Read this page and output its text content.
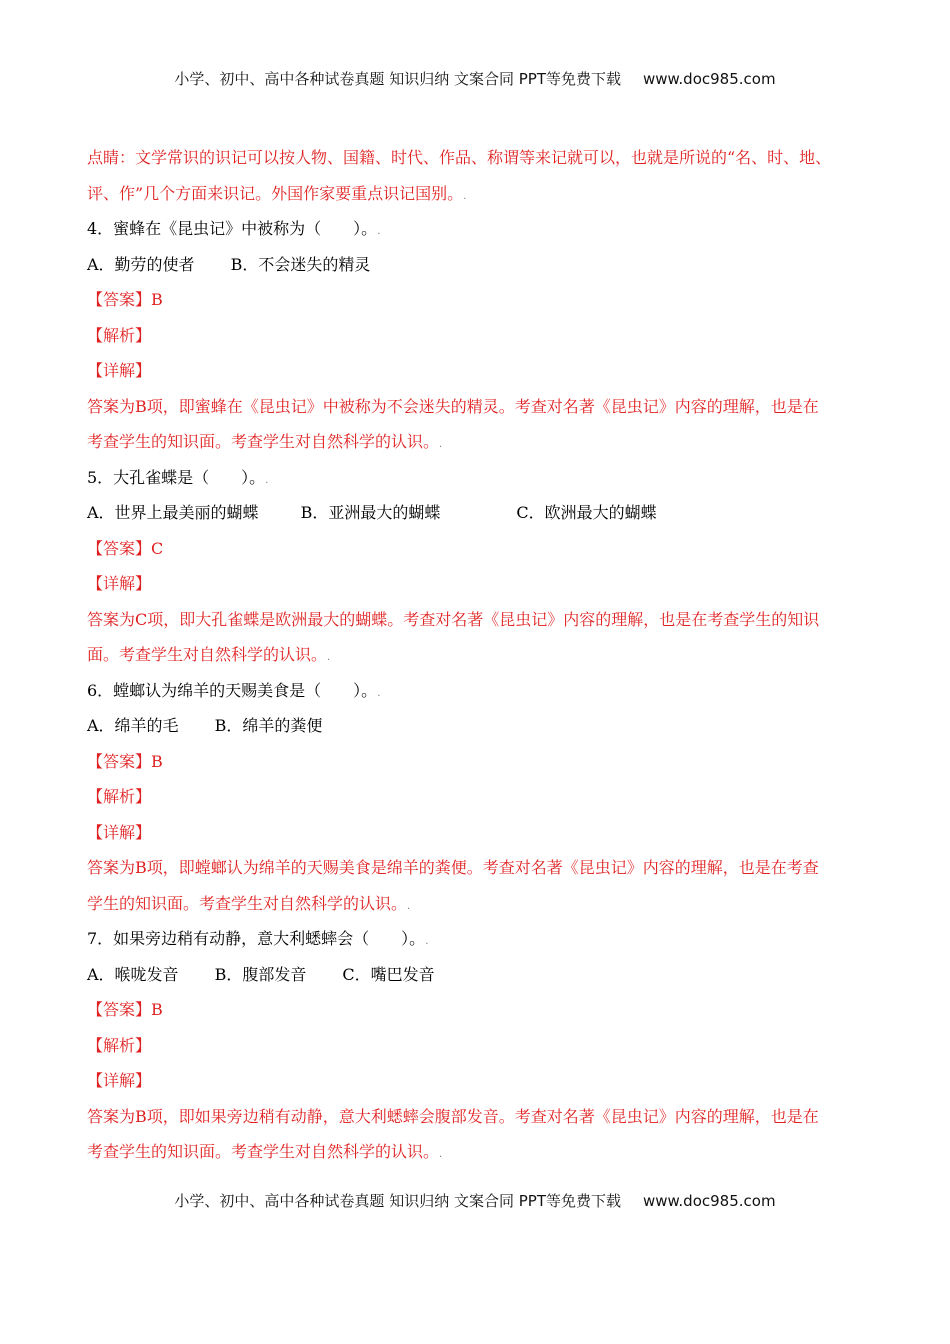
小学、初中、高中各种试卷真题 知识归纳 文案合同 PPT等免费下载 www.doc985.com
点睛：文学常识的识记可以按人物、国籍、时代、作品、称谓等来记就可以，也就是所说的“名、时、地、
评、作”几个方面来识记。外国作家要重点识记国别。.
4．蜜蜂在《昆虫记》中被称为（　　）。.
A．勤劳的使者 B．不会迷失的精灵
【答案】B
【解析】
【详解】
答案为B项，即蜜蜂在《昆虫记》中被称为不会迷失的精灵。考查对名著《昆虫记》内容的理解，也是在
考查学生的知识面。考查学生对自然科学的认识。.
5．大孔雀蝶是（　　）。.
A．世界上最美丽的蝴蝶	B．亚洲最大的蝴蝶	C．欧洲最大的蝴蝶
【答案】C
【详解】
答案为C项，即大孔雀蝶是欧洲最大的蝴蝶。考查对名著《昆虫记》内容的理解，也是在考查学生的知识
面。考查学生对自然科学的认识。.
6．螳螂认为绵羊的天赐美食是（　　）。.
A．绵羊的毛 B．绵羊的粪便
【答案】B
【解析】
【详解】
答案为B项，即螳螂认为绵羊的天赐美食是绵羊的粪便。考查对名著《昆虫记》内容的理解，也是在考查
学生的知识面。考查学生对自然科学的认识。.
7．如果旁边稍有动静，意大利蟋蟀会（　　）。.
A．喉咙发音 B．腹部发音 C．嘴巴发音
【答案】B
【解析】
【详解】
答案为B项，即如果旁边稍有动静，意大利蟋蟀会腹部发音。考查对名著《昆虫记》内容的理解，也是在
考查学生的知识面。考查学生对自然科学的认识。.
小学、初中、高中各种试卷真题 知识归纳 文案合同 PPT等免费下载 www.doc985.com
